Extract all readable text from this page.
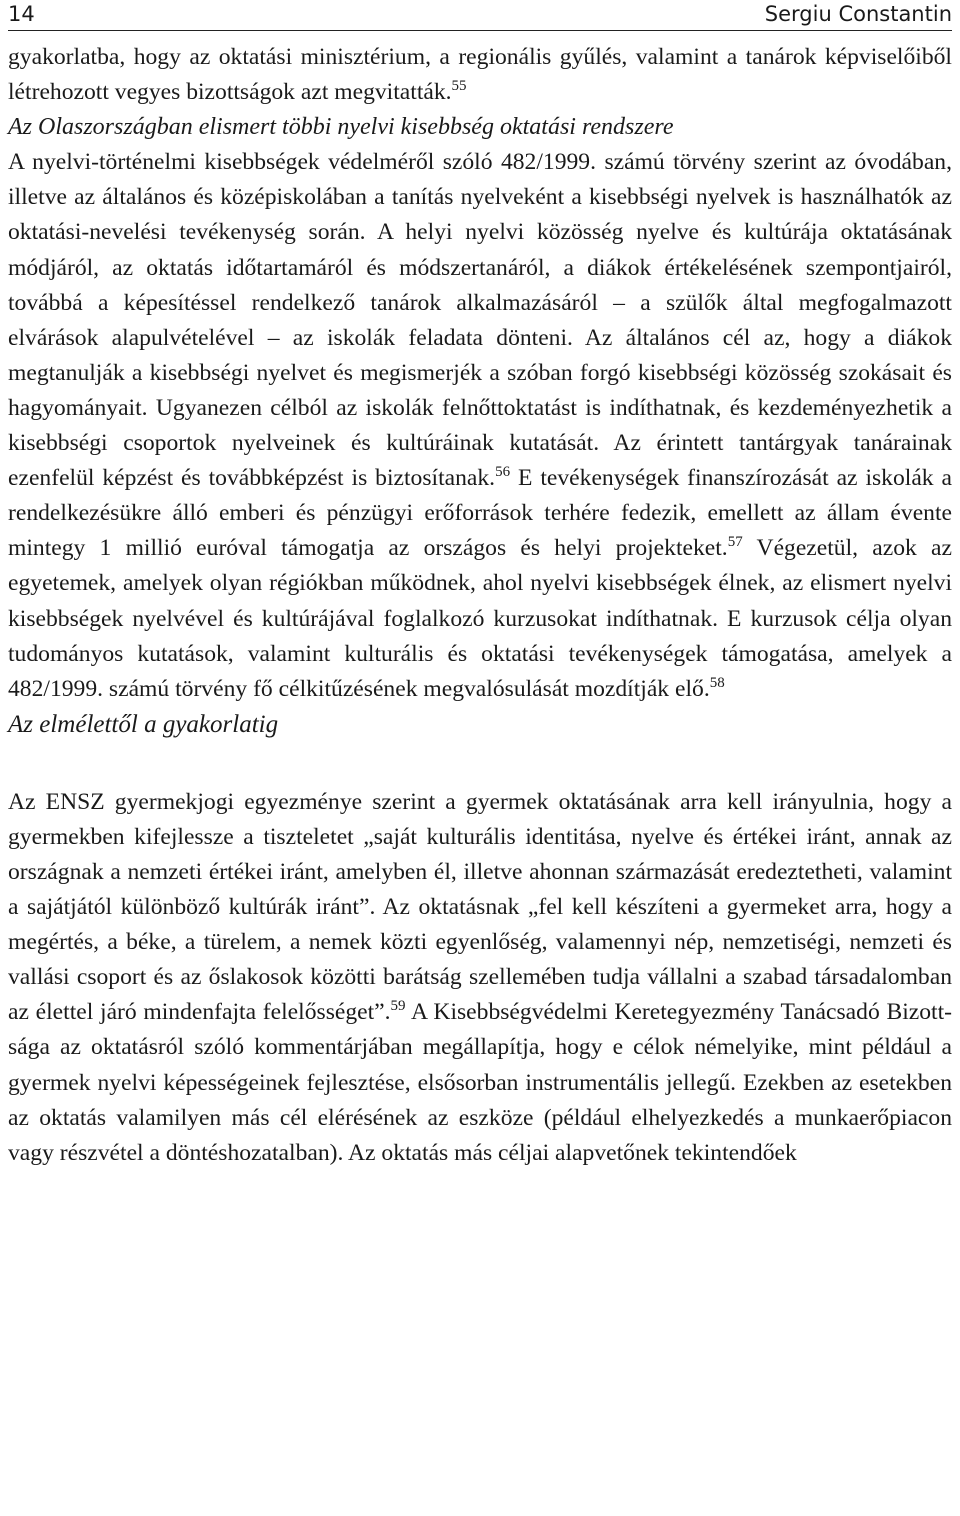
14	Sergiu Constantin

gyakorlatba, hogy az oktatási minisztérium, a regionális gyűlés, valamint a tanárok képviselőiből létrehozott vegyes bizottságok azt megvitatták.$^{55}$

Az Olaszországban elismert többi nyelvi kisebbség oktatási rendszere

A nyelvi-történelmi kisebbségek védelméről szóló 482/1999. számú törvény szerint az óvodában, illetve az általános és középiskolában a tanítás nyelveként a kisebbségi nyelvek is használhatók az oktatási-nevelési tevékenység során. A helyi nyelvi közösség nyelve és kultúrája oktatásának módjáról, az oktatás időtartamáról és módszertanáról, a diákok értékelésének szempontjairól, továbbá a képesítéssel rendelkező tanárok alkalmazásáról – a szülők által megfogalmazott elvárások alapulvételével – az iskolák feladata dönteni. Az általános cél az, hogy a diákok megtanulják a kisebbségi nyelvet és megismerjék a szóban forgó kisebbségi közösség szokásait és hagyományait. Ugyanezen célból az iskolák felnőttoktatást is indíthatnak, és kezdeményezhetik a kisebbségi csoportok nyelveinek és kultúráinak kutatását. Az érintett tantárgyak tanárainak ezenfelül képzést és továbbképzést is biztosítanak.$^{56}$ E tevékenységek finanszírozását az iskolák a rendelkezésükre álló emberi és pénzügyi erőforrások terhére fedezik, emellett az állam évente mintegy 1 millió euróval támogatja az országos és helyi projekteket.$^{57}$ Végezetül, azok az egyetemek, amelyek olyan régiókban működnek, ahol nyelvi kisebbségek élnek, az elismert nyelvi kisebbségek nyelvével és kultúrájával foglalkozó kurzusokat indíthatnak. E kurzusok célja olyan tudományos kutatások, valamint kulturális és oktatási tevékenységek támogatása, amelyek a 482/1999. számú törvény fő célkitűzésének megvalósulását mozdítják elő.$^{58}$

Az elmélettől a gyakorlatig

Az ENSZ gyermekjogi egyezménye szerint a gyermek oktatásának arra kell irányulnia, hogy a gyermekben kifejlessze a tiszteletet „saját kulturális identitása, nyelve és értékei iránt, annak az országnak a nemzeti értékei iránt, amelyben él, illetve ahonnan származását eredeztetheti, valamint a sajátjától különböző kultúrák iránt”. Az oktatásnak „fel kell készíteni a gyermeket arra, hogy a megértés, a béke, a türelem, a nemek közti egyenlőség, valamennyi nép, nemzetiségi, nemzeti és vallási csoport és az őslakosok közötti barátság szellemében tudja vállalni a szabad társadalomban az élettel járó mindenfajta felelősséget”.$^{59}$ A Kisebbségvédelmi Keretegyezmény Tanácsadó Bizottsága az oktatásról szóló kommentárjában megállapítja, hogy e célok némelyike, mint például a gyermek nyelvi képességeinek fejlesztése, elsősorban instrumentális jellegű. Ezekben az esetekben az oktatás valamilyen más cél elérésének az eszköze (például elhelyezkedés a munkaerőpiacon vagy részvétel a döntéshozatalban). Az oktatás más céljai alapvetőnek tekintendőek
